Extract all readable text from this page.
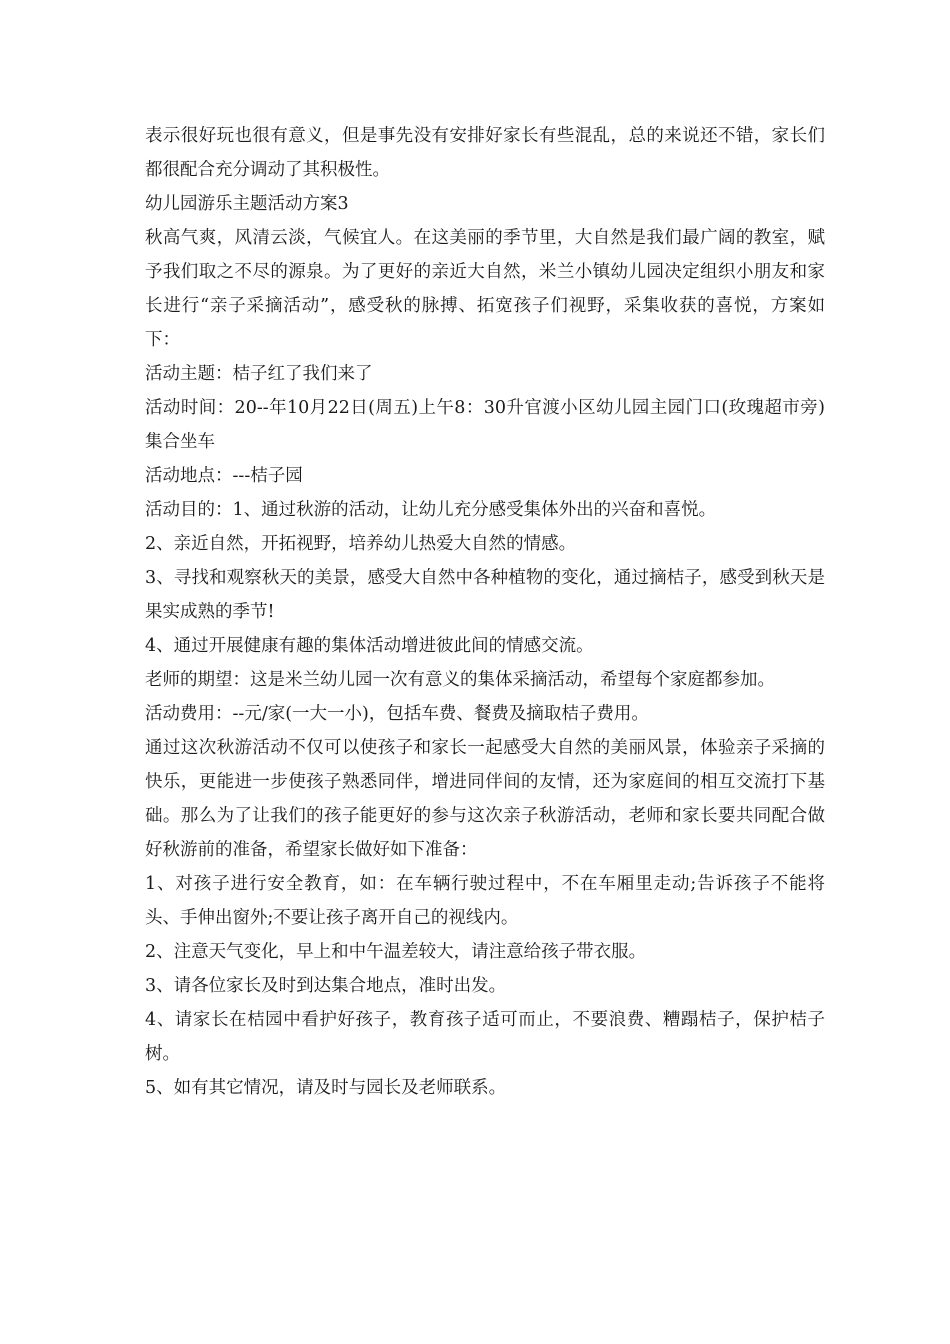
表示很好玩也很有意义，但是事先没有安排好家长有些混乱，总的来说还不错，家长们都很配合充分调动了其积极性。

幼儿园游乐主题活动方案3

秋高气爽，风清云淡，气候宜人。在这美丽的季节里，大自然是我们最广阔的教室，赋予我们取之不尽的源泉。为了更好的亲近大自然，米兰小镇幼儿园决定组织小朋友和家长进行“亲子采摘活动”，感受秋的脉搏、拓宽孩子们视野，采集收获的喜悦，方案如下：

活动主题：桔子红了我们来了

活动时间：20--年10月22日(周五)上午8：30升官渡小区幼儿园主园门口(玫瑰超市旁)集合坐车

活动地点：---桔子园

活动目的：1、通过秋游的活动，让幼儿充分感受集体外出的兴奋和喜悦。

2、亲近自然，开拓视野，培养幼儿热爱大自然的情感。

3、寻找和观察秋天的美景，感受大自然中各种植物的变化，通过摘桔子，感受到秋天是果实成熟的季节!

4、通过开展健康有趣的集体活动增进彼此间的情感交流。

老师的期望：这是米兰幼儿园一次有意义的集体采摘活动，希望每个家庭都参加。

活动费用：--元/家(一大一小)，包括车费、餐费及摘取桔子费用。

通过这次秋游活动不仅可以使孩子和家长一起感受大自然的美丽风景，体验亲子采摘的快乐，更能进一步使孩子熟悉同伴，增进同伴间的友情，还为家庭间的相互交流打下基础。那么为了让我们的孩子能更好的参与这次亲子秋游活动，老师和家长要共同配合做好秋游前的准备，希望家长做好如下准备：

1、对孩子进行安全教育，如：在车辆行驶过程中，不在车厢里走动;告诉孩子不能将头、手伸出窗外;不要让孩子离开自己的视线内。

2、注意天气变化，早上和中午温差较大，请注意给孩子带衣服。

3、请各位家长及时到达集合地点，准时出发。

4、请家长在桔园中看护好孩子，教育孩子适可而止，不要浪费、糟蹋桔子，保护桔子树。

5、如有其它情况，请及时与园长及老师联系。
